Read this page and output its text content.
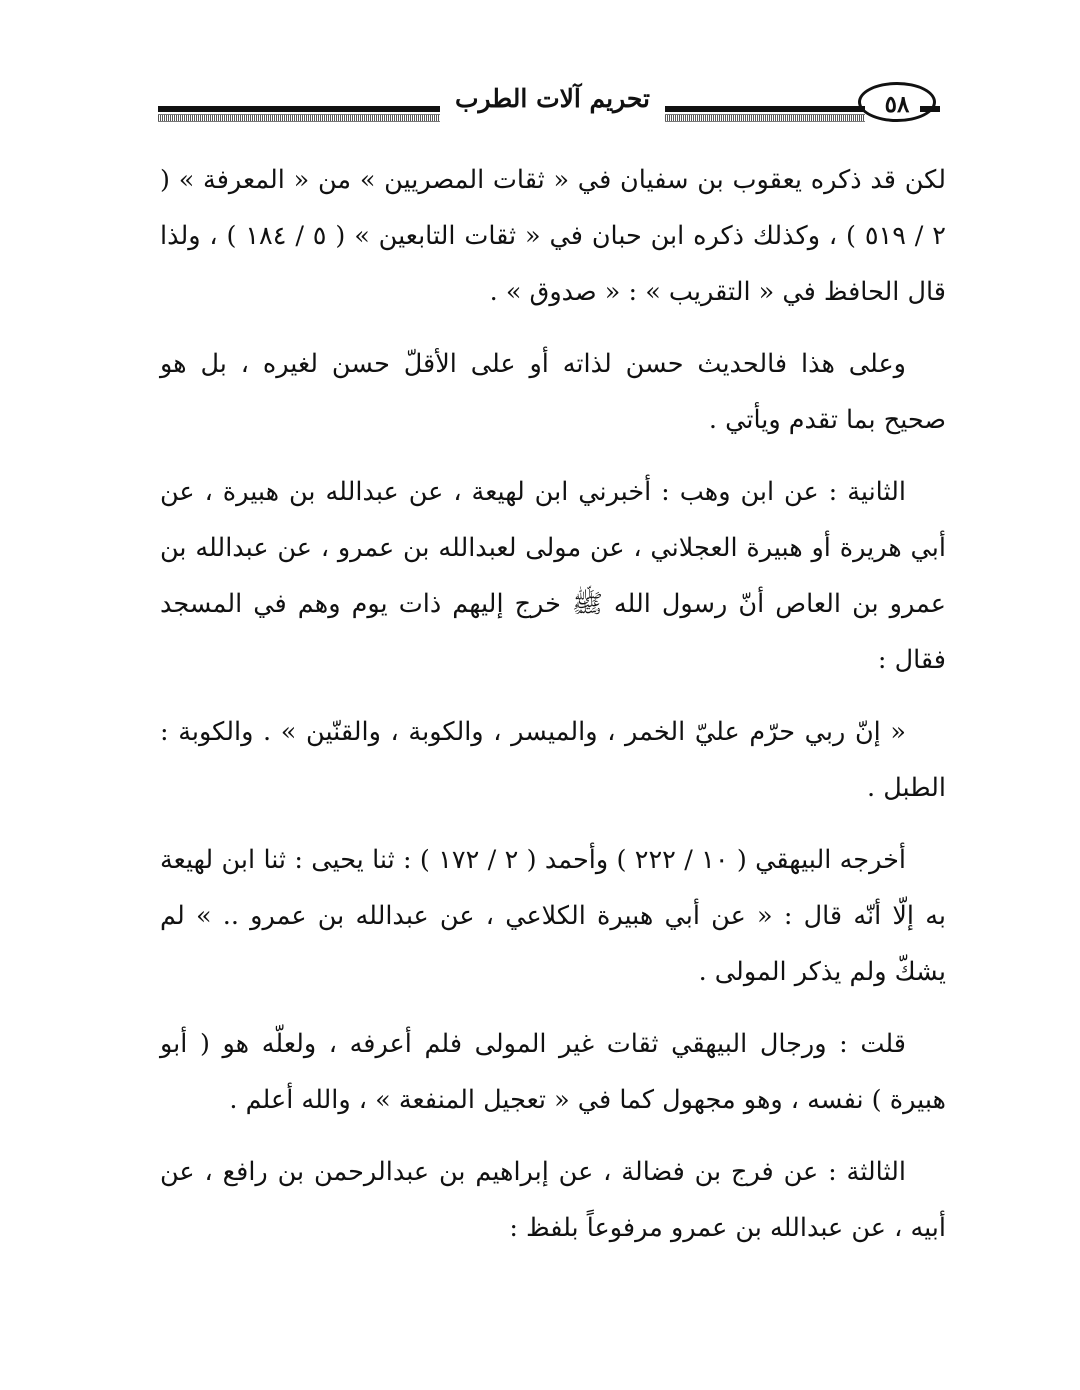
تحريم آلات الطرب	٥٨

لكن قد ذكره يعقوب بن سفيان في « ثقات المصريين » من « المعرفة » ( ٢ / ٥١٩ ) ، وكذلك ذكره ابن حبان في « ثقات التابعين » ( ٥ / ١٨٤ ) ، ولذا قال الحافظ في « التقريب » : « صدوق » .

وعلى هذا فالحديث حسن لذاته أو على الأقلّ حسن لغيره ، بل هو صحيح بما تقدم ويأتي .

الثانية : عن ابن وهب : أخبرني ابن لهيعة ، عن عبدالله بن هبيرة ، عن أبي هريرة أو هبيرة العجلاني ، عن مولى لعبدالله بن عمرو ، عن عبدالله بن عمرو بن العاص أنّ رسول الله ﷺ خرج إليهم ذات يوم وهم في المسجد فقال :

« إنّ ربي حرّم عليّ الخمر ، والميسر ، والكوبة ، والقنّين » . والكوبة : الطبل .

أخرجه البيهقي ( ١٠ / ٢٢٢ ) وأحمد ( ٢ / ١٧٢ ) : ثنا يحيى : ثنا ابن لهيعة به إلّا أنّه قال : « عن أبي هبيرة الكلاعي ، عن عبدالله بن عمرو .. » لم يشكّ ولم يذكر المولى .

قلت : ورجال البيهقي ثقات غير المولى فلم أعرفه ، ولعلّه هو ( أبو هبيرة ) نفسه ، وهو مجهول كما في « تعجيل المنفعة » ، والله أعلم .

الثالثة : عن فرج بن فضالة ، عن إبراهيم بن عبدالرحمن بن رافع ، عن أبيه ، عن عبدالله بن عمرو مرفوعاً بلفظ :
